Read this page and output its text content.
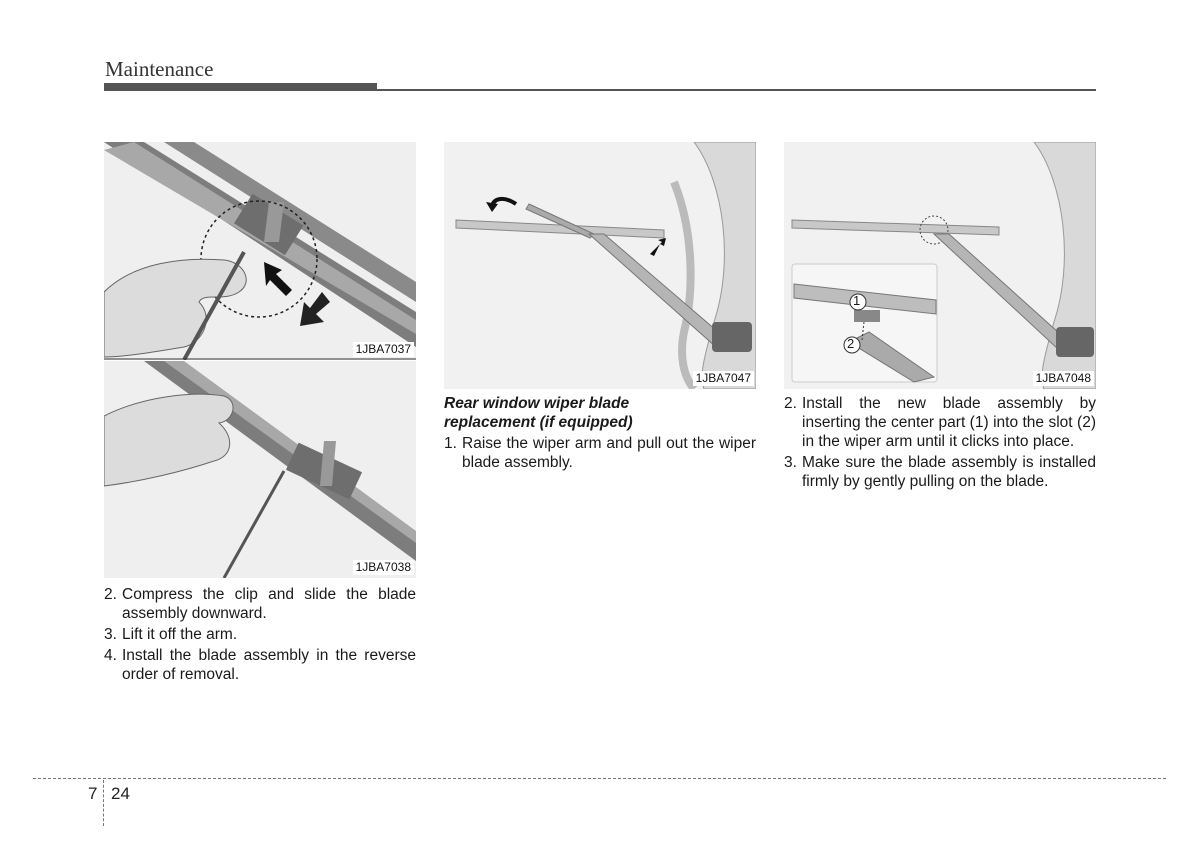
Maintenance
1JBA7037
1JBA7038
1JBA7047	1JBA7048
1
2
2. Compress the clip and slide the blade assembly downward.
3. Lift it off the arm.
4. Install the blade assembly in the reverse order of removal.
Rear window wiper blade
replacement (if equipped)
1. Raise the wiper arm and pull out the wiper blade assembly.
2. Install the new blade assembly by inserting the center part (1) into the slot (2) in the wiper arm until it clicks into place.
3. Make sure the blade assembly is installed firmly by gently pulling on the blade.
7 24
